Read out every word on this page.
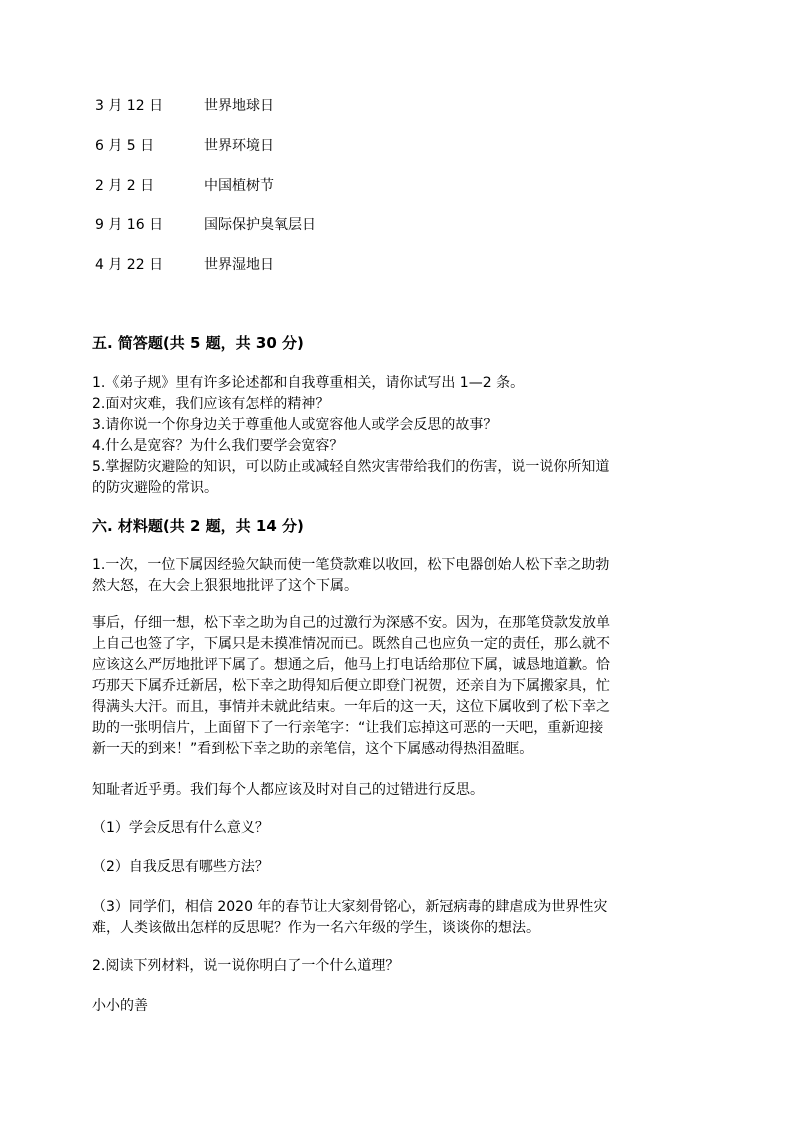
3 月 12 日	世界地球日
6 月 5 日	世界环境日
2 月 2 日	中国植树节
9 月 16 日	国际保护臭氧层日
4 月 22 日	世界湿地日
五. 简答题(共 5 题，共 30 分)
1.《弟子规》里有许多论述都和自我尊重相关，请你试写出 1—2 条。
2.面对灾难，我们应该有怎样的精神？
3.请你说一个你身边关于尊重他人或宽容他人或学会反思的故事？
4.什么是宽容？为什么我们要学会宽容？
5.掌握防灾避险的知识，可以防止或减轻自然灾害带给我们的伤害，说一说你所知道
的防灾避险的常识。
六. 材料题(共 2 题，共 14 分)
1.一次，一位下属因经验欠缺而使一笔贷款难以收回，松下电器创始人松下幸之助勃
然大怒，在大会上狠狠地批评了这个下属。
事后，仔细一想，松下幸之助为自己的过激行为深感不安。因为，在那笔贷款发放单
上自己也签了字，下属只是未摸准情况而已。既然自己也应负一定的责任，那么就不
应该这么严厉地批评下属了。想通之后，他马上打电话给那位下属，诚恳地道歉。恰
巧那天下属乔迁新居，松下幸之助得知后便立即登门祝贺，还亲自为下属搬家具，忙
得满头大汗。而且，事情并未就此结束。一年后的这一天，这位下属收到了松下幸之
助的一张明信片，上面留下了一行亲笔字：“让我们忘掉这可恶的一天吧，重新迎接
新一天的到来！”看到松下幸之助的亲笔信，这个下属感动得热泪盈眶。
知耻者近乎勇。我们每个人都应该及时对自己的过错进行反思。
（1）学会反思有什么意义？
（2）自我反思有哪些方法？
（3）同学们，相信 2020 年的春节让大家刻骨铭心，新冠病毒的肆虐成为世界性灾
难，人类该做出怎样的反思呢？作为一名六年级的学生，谈谈你的想法。
2.阅读下列材料，说一说你明白了一个什么道理？
小小的善
